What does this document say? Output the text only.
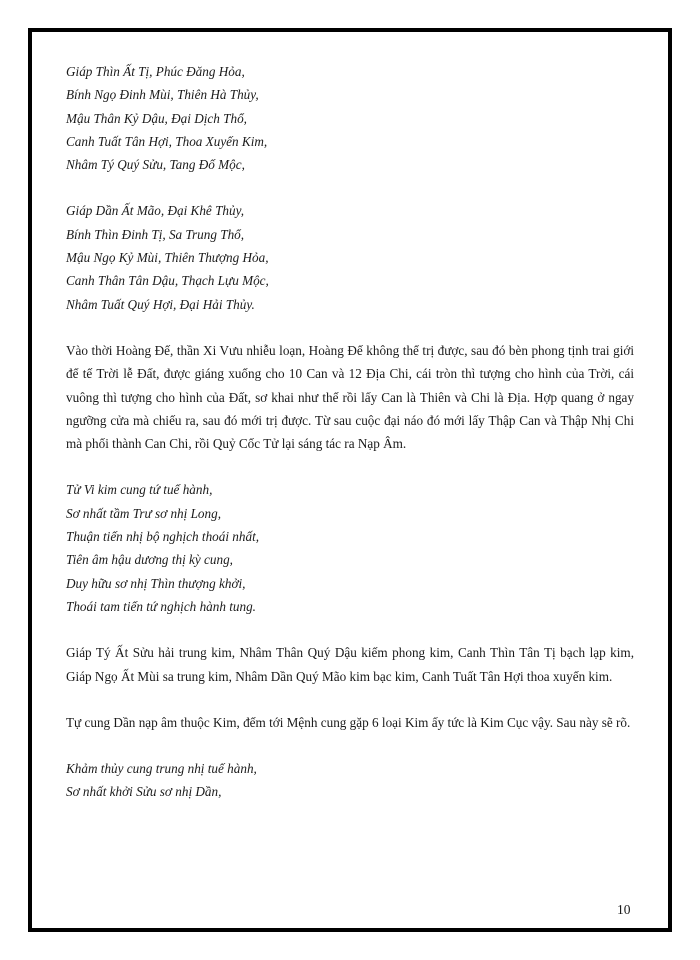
Giáp Thìn Ất Tị, Phúc Đăng Hỏa,
Bính Ngọ Đinh Mùi, Thiên Hà Thủy,
Mậu Thân Kỷ Dậu, Đại Dịch Thổ,
Canh Tuất Tân Hợi, Thoa Xuyến Kim,
Nhâm Tý Quý Sửu, Tang Đố Mộc,
Giáp Dần Ất Mão, Đại Khê Thủy,
Bính Thìn Đinh Tị, Sa Trung Thổ,
Mậu Ngọ Kỷ Mùi, Thiên Thượng Hỏa,
Canh Thân Tân Dậu, Thạch Lựu Mộc,
Nhâm Tuất Quý Hợi, Đại Hải Thủy.

Vào thời Hoàng Đế, thần Xi Vưu nhiễu loạn, Hoàng Đế không thể trị được, sau đó bèn phong tịnh trai giới để tế Trời lễ Đất, được giáng xuống cho 10 Can và 12 Địa Chi, cái tròn thì tượng cho hình của Trời, cái vuông thì tượng cho hình của Đất, sơ khai như thế rồi lấy Can là Thiên và Chi là Địa. Hợp quang ở ngay ngưỡng cửa mà chiếu ra, sau đó mới trị được. Từ sau cuộc đại náo đó mới lấy Thập Can và Thập Nhị Chi mà phối thành Can Chi, rồi Quỷ Cốc Tử lại sáng tác ra Nạp Âm.

Tử Vi kim cung tứ tuế hành,
Sơ nhất tầm Trư sơ nhị Long,
Thuận tiến nhị bộ nghịch thoái nhất,
Tiên âm hậu dương thị kỳ cung,
Duy hữu sơ nhị Thìn thượng khởi,
Thoái tam tiến tứ nghịch hành tung.

Giáp Tý Ất Sửu hải trung kim, Nhâm Thân Quý Dậu kiếm phong kim, Canh Thìn Tân Tị bạch lạp kim, Giáp Ngọ Ất Mùi sa trung kim, Nhâm Dần Quý Mão kim bạc kim, Canh Tuất Tân Hợi thoa xuyến kim.

Tự cung Dần nạp âm thuộc Kim, đếm tới Mệnh cung gặp 6 loại Kim ấy tức là Kim Cục vậy. Sau này sẽ rõ.

Khảm thủy cung trung nhị tuế hành,
Sơ nhất khởi Sửu sơ nhị Dần,
10
